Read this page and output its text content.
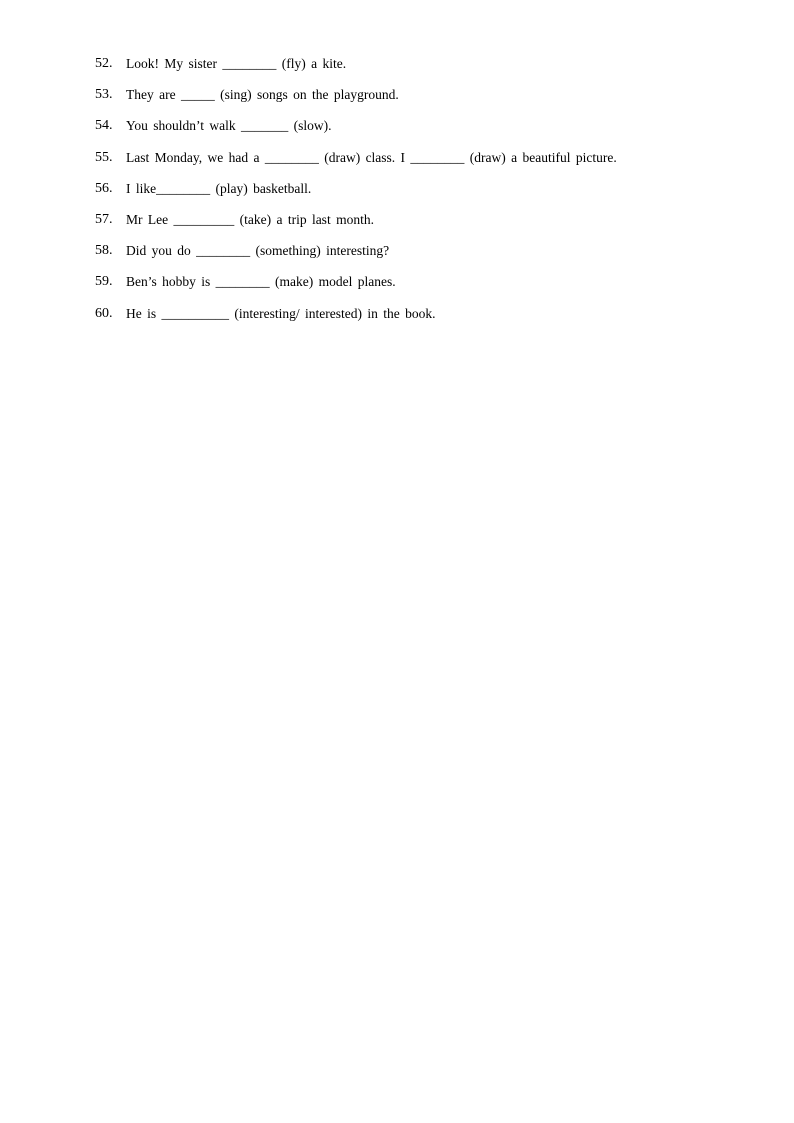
52.	Look! My sister ________ (fly) a kite.
53.	They are _____ (sing) songs on the playground.
54.	You shouldn’t walk _______ (slow).
55.	Last Monday, we had a ________ (draw) class. I ________ (draw) a beautiful picture.
56.	I like________ (play) basketball.
57.	Mr Lee _________ (take) a trip last month.
58.	Did you do ________ (something) interesting?
59.	Ben’s hobby is ________ (make) model planes.
60.	He is __________ (interesting/ interested) in the book.
